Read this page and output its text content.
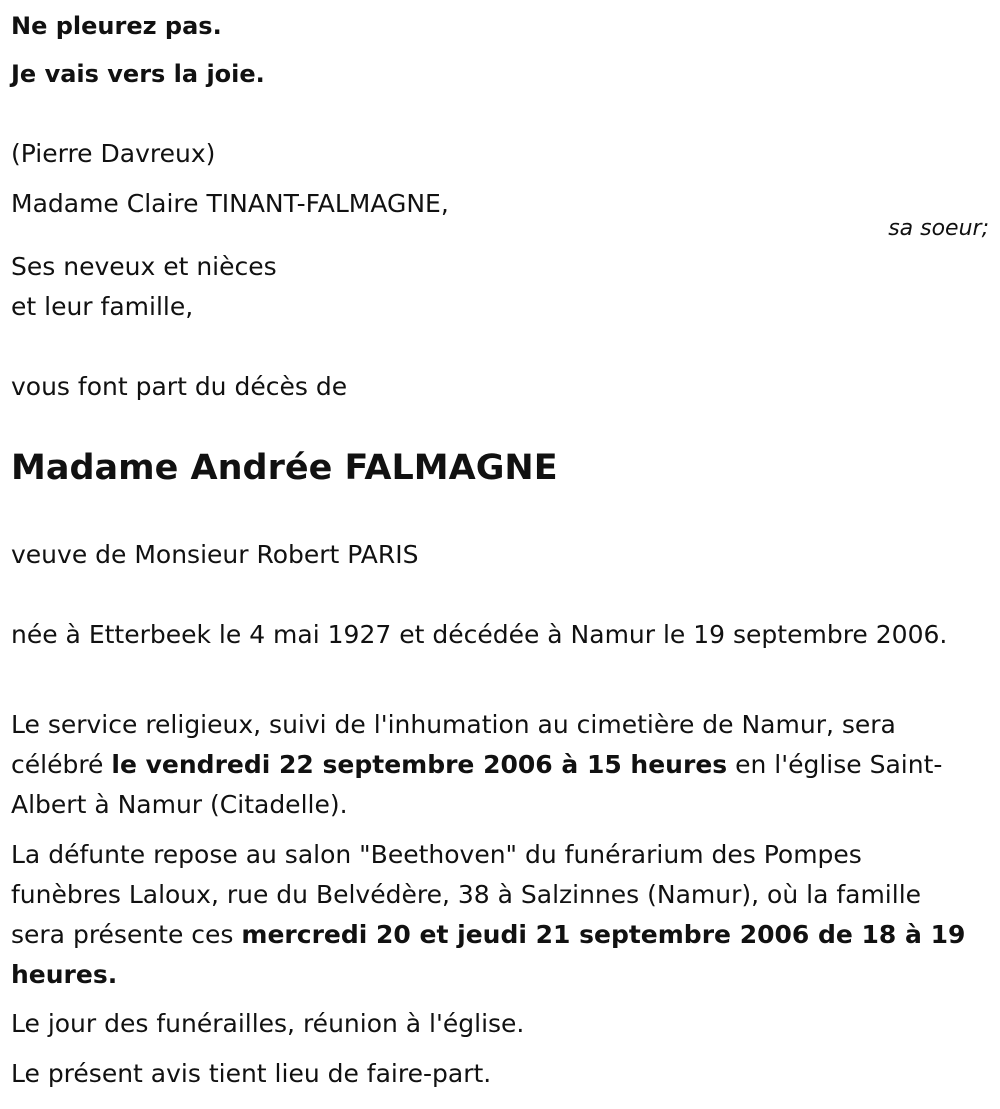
Ne pleurez pas.
Je vais vers la joie.
(Pierre Davreux)
Madame Claire TINANT-FALMAGNE,
sa soeur;
Ses neveux et nièces
et leur famille,
vous font part du décès de
Madame Andrée FALMAGNE
veuve de Monsieur Robert PARIS
née à Etterbeek le 4 mai 1927 et décédée à Namur le 19 septembre 2006.
Le service religieux, suivi de l'inhumation au cimetière de Namur, sera célébré le vendredi 22 septembre 2006 à 15 heures en l'église Saint-Albert à Namur (Citadelle).
La défunte repose au salon "Beethoven" du funérarium des Pompes funèbres Laloux, rue du Belvédère, 38 à Salzinnes (Namur), où la famille sera présente ces mercredi 20 et jeudi 21 septembre 2006 de 18 à 19 heures.
Le jour des funérailles, réunion à l'église.
Le présent avis tient lieu de faire-part.
